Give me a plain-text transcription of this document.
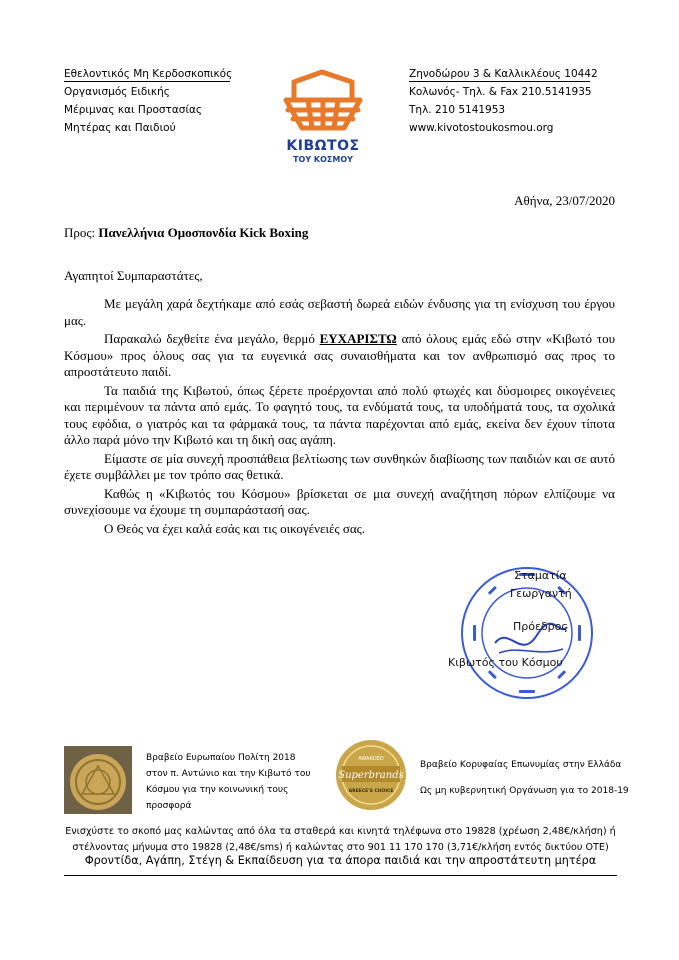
Εθελοντικός Μη Κερδοσκοπικός
Οργανισμός Ειδικής
Μέριμνας και Προστασίας
Μητέρας και Παιδιού
ΚΙΒΩΤΟΣ
ΤΟΥ ΚΟΣΜΟΥ
Ζηνοδώρου 3 & Καλλικλέους 10442
Κολωνός- Τηλ. & Fax 210.5141935
Τηλ. 210 5141953
www.kivotostoukosmou.org
Αθήνα, 23/07/2020
Προς: Πανελλήνια Ομοσπονδία Kick Boxing
Αγαπητοί Συμπαραστάτες,

Με μεγάλη χαρά δεχτήκαμε από εσάς σεβαστή δωρεά ειδών ένδυσης για τη ενίσχυση του έργου μας.

Παρακαλώ δεχθείτε ένα μεγάλο, θερμό ΕΥΧΑΡΙΣΤΩ από όλους εμάς εδώ στην «Κιβωτό του Κόσμου» προς όλους σας για τα ευγενικά σας συναισθήματα και τον ανθρωπισμό σας προς το απροστάτευτο παιδί.

Τα παιδιά της Κιβωτού, όπως ξέρετε προέρχονται από πολύ φτωχές και δύσμοιρες οικογένειες και περιμένουν τα πάντα από εμάς. Το φαγητό τους, τα ενδύματά τους, τα υποδήματά τους, τα σχολικά τους εφόδια, ο γιατρός και τα φάρμακά τους, τα πάντα παρέχονται από εμάς, εκείνα δεν έχουν τίποτα άλλο παρά μόνο την Κιβωτό και τη δική σας αγάπη.

Είμαστε σε μία συνεχή προσπάθεια βελτίωσης των συνθηκών διαβίωσης των παιδιών και σε αυτό έχετε συμβάλλει με τον τρόπο σας θετικά.

Καθώς η «Κιβωτός του Κόσμου» βρίσκεται σε μια συνεχή αναζήτηση πόρων ελπίζουμε να συνεχίσουμε να έχουμε τη συμπαράστασή σας.

Ο Θεός να έχει καλά εσάς και τις οικογένειές σας.

Σταματία
Γεωργαντή
Πρόεδρος
Κιβωτός του Κόσμου
Βραβείο Ευρωπαίου Πολίτη 2018
στον π. Αντώνιο και την Κιβωτό του
Κόσμου για την κοινωνική τους
προσφορά
AWARDED
Superbrands
GREECE'S CHOICE
Βραβείο Κορυφαίας Επωνυμίας στην Ελλάδα
Ως μη κυβερνητική Οργάνωση για το 2018-19
Ενισχύστε το σκοπό μας καλώντας από όλα τα σταθερά και κινητά τηλέφωνα στο 19828 (χρέωση 2,48€/κλήση) ή
στέλνοντας μήνυμα στο 19828 (2,48€/sms) ή καλώντας στο 901 11 170 170 (3,71€/κλήση εντός δικτύου ΟΤΕ)
Φροντίδα, Αγάπη, Στέγη & Εκπαίδευση για τα άπορα παιδιά και την απροστάτευτη μητέρα
